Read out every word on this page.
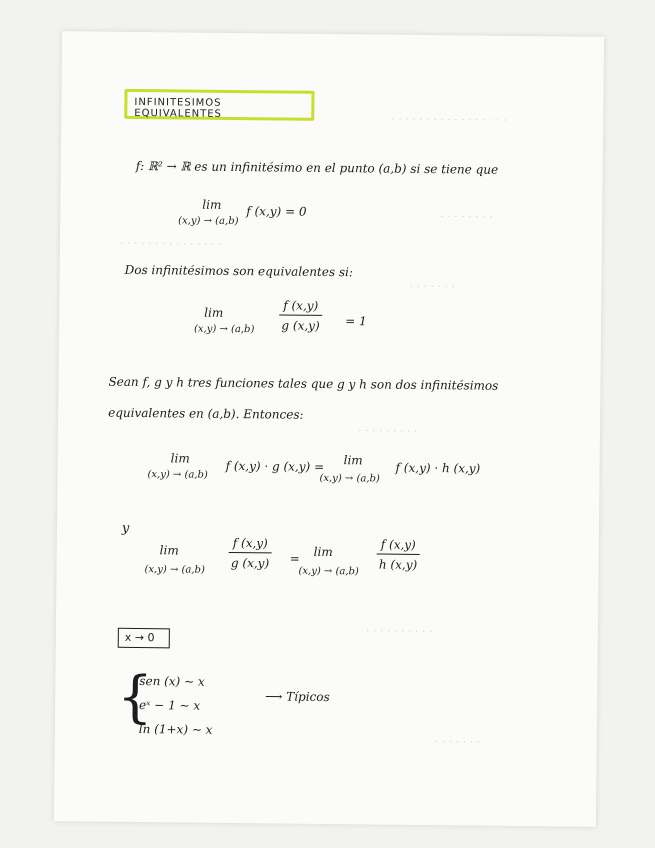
· · · · · · · · · · · · · · · · ·
· · · · · · · ·
· · · · · · · · · · · · · · ·
· · · · · · ·
· · · · · · · · ·
· · · · · · · · · ·
· · · · · · ·
INFINITESIMOS EQUIVALENTES
f: ℝ² → ℝ es un infinitésimo en el punto (a,b) si se tiene que
lim
(x,y) → (a,b)
f (x,y) = 0
Dos infinitésimos son equivalentes si:
lim
$(x,y) \to (a,b) \frac{f (x,y)}{g (x,y)} = 1$
Sean f, g y h tres funciones tales que g y h son dos infinitésimos
equivalentes en (a,b). Entonces:
lim
(x,y) → (a,b)
f (x,y) · g (x,y) = lim
(x,y) → (a,b)
f (x,y) · h (x,y)
y
lim
$(x,y) \to (a,b) \frac{f (x,y)}{g (x,y)} = \lim$
$(x,y) \to (a,b) \frac{f (x,y)}{h (x,y)}$
x → 0
{
sen (x) ~ x
eˣ − 1 ~ x
ln (1+x) ~ x
⟶ Típicos
